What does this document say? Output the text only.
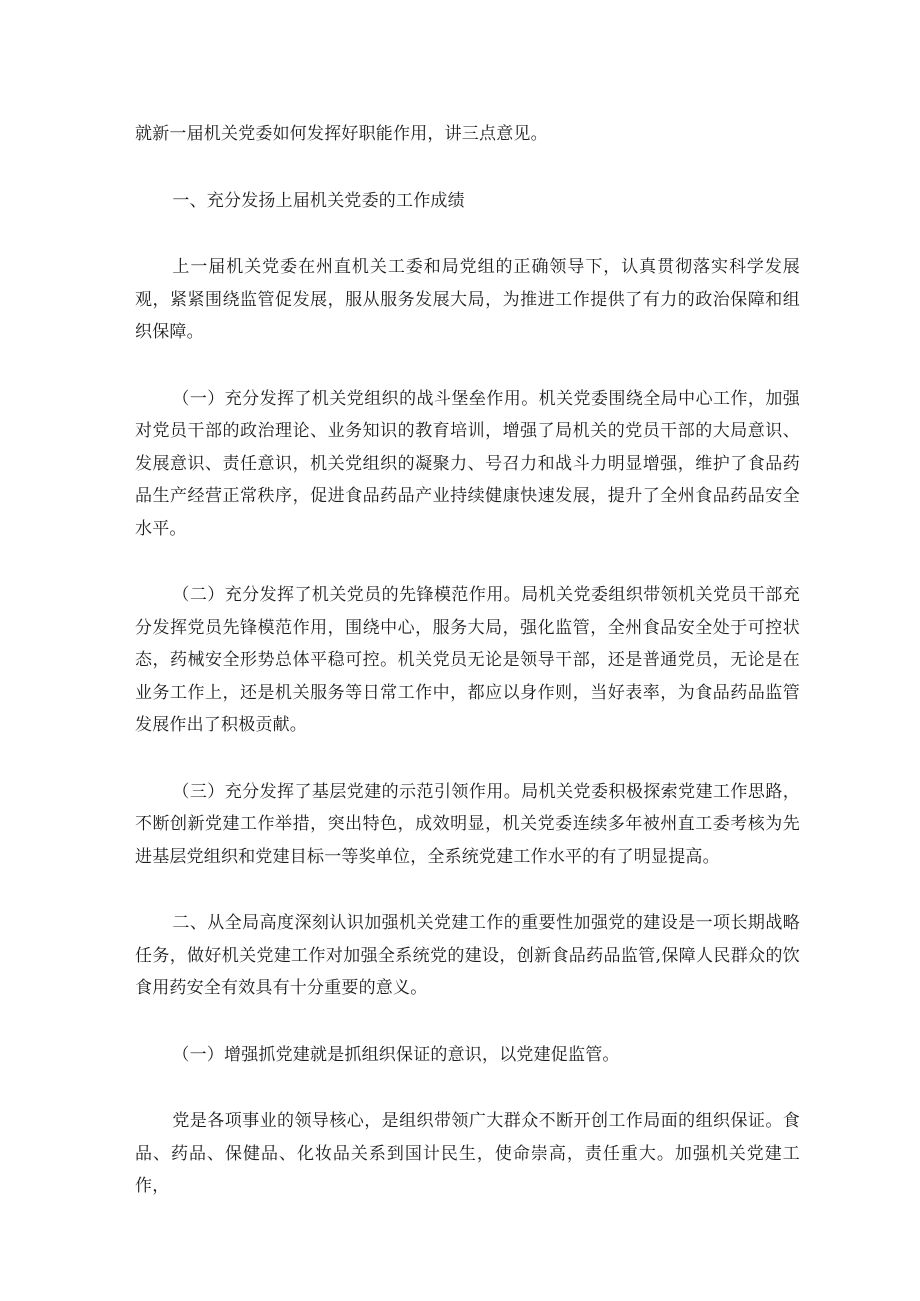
就新一届机关党委如何发挥好职能作用，讲三点意见。

一、充分发扬上届机关党委的工作成绩

上一届机关党委在州直机关工委和局党组的正确领导下，认真贯彻落实科学发展观，紧紧围绕监管促发展，服从服务发展大局，为推进工作提供了有力的政治保障和组织保障。

（一）充分发挥了机关党组织的战斗堡垒作用。机关党委围绕全局中心工作，加强对党员干部的政治理论、业务知识的教育培训，增强了局机关的党员干部的大局意识、发展意识、责任意识，机关党组织的凝聚力、号召力和战斗力明显增强，维护了食品药品生产经营正常秩序，促进食品药品产业持续健康快速发展，提升了全州食品药品安全水平。

（二）充分发挥了机关党员的先锋模范作用。局机关党委组织带领机关党员干部充分发挥党员先锋模范作用，围绕中心，服务大局，强化监管，全州食品安全处于可控状态，药械安全形势总体平稳可控。机关党员无论是领导干部，还是普通党员，无论是在业务工作上，还是机关服务等日常工作中，都应以身作则，当好表率，为食品药品监管发展作出了积极贡献。

（三）充分发挥了基层党建的示范引领作用。局机关党委积极探索党建工作思路，不断创新党建工作举措，突出特色，成效明显，机关党委连续多年被州直工委考核为先进基层党组织和党建目标一等奖单位，全系统党建工作水平的有了明显提高。

二、从全局高度深刻认识加强机关党建工作的重要性加强党的建设是一项长期战略任务，做好机关党建工作对加强全系统党的建设，创新食品药品监管,保障人民群众的饮食用药安全有效具有十分重要的意义。

（一）增强抓党建就是抓组织保证的意识，以党建促监管。

党是各项事业的领导核心，是组织带领广大群众不断开创工作局面的组织保证。食品、药品、保健品、化妆品关系到国计民生，使命崇高，责任重大。加强机关党建工作，
